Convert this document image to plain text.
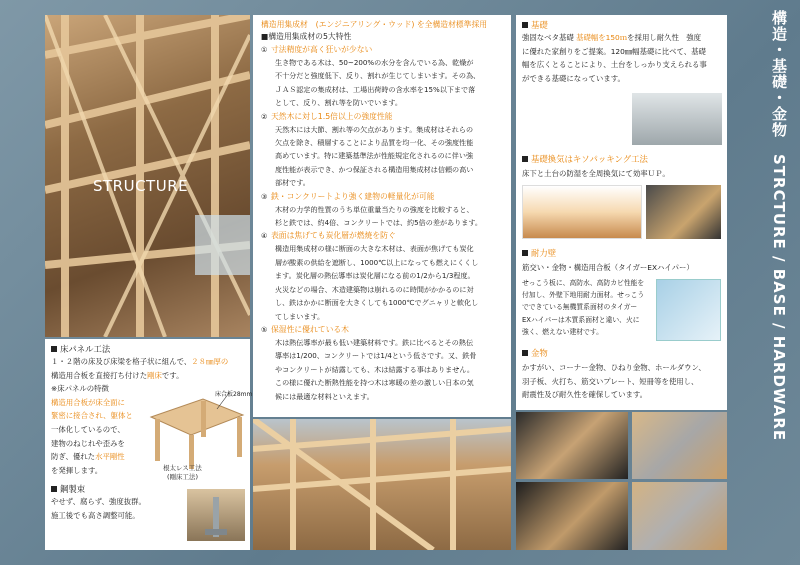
STRUCTURE
構造用集成材　(エンジニアリング・ウッド) を全構造材標準採用
■構造用集成材の5大特性
① 寸法精度が高く狂いが少ない
生き物である木は、50~200%の水分を含んでいる為、乾燥が
不十分だと強度低下、反り、割れが生じてしまいます。その為、
ＪＡＳ認定の集成材は、工場出荷時の含水率を15%以下まで落
として、反り、割れ等を防いでいます。
② 天然木に対し1.5倍以上の強度性能
天然木には大節、割れ等の欠点があります。集成材はそれらの
欠点を除き、積層することにより品質を均一化、その強度性能
高めています。特に建築基準法が性能規定化されるのに伴い強
度性能が表示でき、かつ保証される構造用集成材は信頼の高い
部材です。
③ 鉄・コンクリートより強く建物の軽量化が可能
木材の力学的性質のうち単位重量当たりの強度を比較すると、
杉と鉄では、約4倍、コンクリートでは、約5倍の差があります。
④ 表面は焦げても炭化層が燃焼を防ぐ
構造用集成材の様に断面の大きな木材は、表面が焦げても炭化
層が酸素の供給を遮断し、1000℃以上になっても燃えにくくし
ます。炭化層の熱伝導率は炭化層になる前の1/2から1/3程度。
火災などの場合、木造建築物は崩れるのに時間がかかるのに対
し、鉄はかかに断面を大きくしても1000℃でグニャリと軟化し
てしまいます。
⑤ 保湿性に優れている木
木は熱伝導率が最も低い建築材料です。鉄に比べるとその熱伝
導率は1/200、コンクリートでは1/4という低さです。又、鉄骨
やコンクリートが結露しても、木は結露する事はありません。
この様に優れた断熱性能を持つ木は寒暖の差の激しい日本の気
候には最適な材料といえます。
床パネル工法
１・２階の床及び床梁を格子状に組んで、２８㎜厚の
構造用合板を直接打ち付けた剛床です。
※床パネルの特徴
構造用合板が床全面に
緊密に接合され、躯体と
一体化しているので、
建物のねじれや歪みを
防ぎ、優れた水平剛性
を発揮します。
床合板28mm
根太レス工法
(剛床工法)
鋼製束
やせず、腐らず、強度抜群。
施工後でも高さ調整可能。
基礎
強固なベタ基礎 基礎幅を150ｍを採用し耐久性　強度
に優れた家創りをご提案。120㎜幅基礎に比べて、基礎
幅を広くとることにより、土台をしっかり支えられる事
ができる基礎になっています。
基礎換気はキソパッキング工法
床下と土台の防湿を全周換気にて効率ＵＰ。
耐力壁
筋交い・金物・構造用合板（タイガーEXハイパー）
せっこう板に、高防水、高防カビ性能を
付加し、外壁下地用耐力面材。せっこう
でできている無機質系面材のタイガー
EXハイパーは木質系面材と違い、火に
強く、燃えない建材です。
金物
かすがい、コーナー金物、ひねり金物、ホールダウン、
羽子板、火打ち、筋交いプレート、短冊等を使用し、
耐震性及び耐久性を確保しています。	構造・基礎・金物　STRCTURE / BASE / HARDWARE
